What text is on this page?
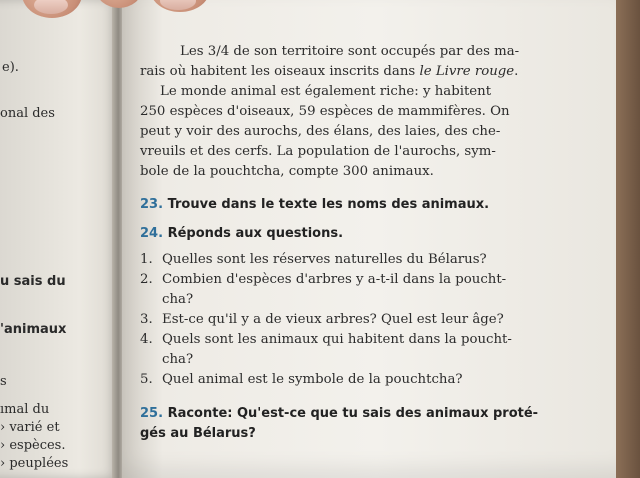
e).
onal des
u sais du
'animaux
s
ımal du
› varié et
› espèces.
› peuplées
Les 3/4 de son territoire sont occupés par des ma-
rais où habitent les oiseaux inscrits dans le Livre rouge.
Le monde animal est également riche: y habitent
250 espèces d'oiseaux, 59 espèces de mammifères. On
peut y voir des aurochs, des élans, des laies, des che-
vreuils et des cerfs. La population de l'aurochs, sym-
bole de la pouchtcha, compte 300 animaux.
23. Trouve dans le texte les noms des animaux.
24. Réponds aux questions.
1. Quelles sont les réserves naturelles du Bélarus?
2. Combien d'espèces d'arbres y a-t-il dans la poucht-
cha?
3. Est-ce qu'il y a de vieux arbres? Quel est leur âge?
4. Quels sont les animaux qui habitent dans la poucht-
cha?
5. Quel animal est le symbole de la pouchtcha?
25. Raconte: Qu'est-ce que tu sais des animaux proté-
gés au Bélarus?
